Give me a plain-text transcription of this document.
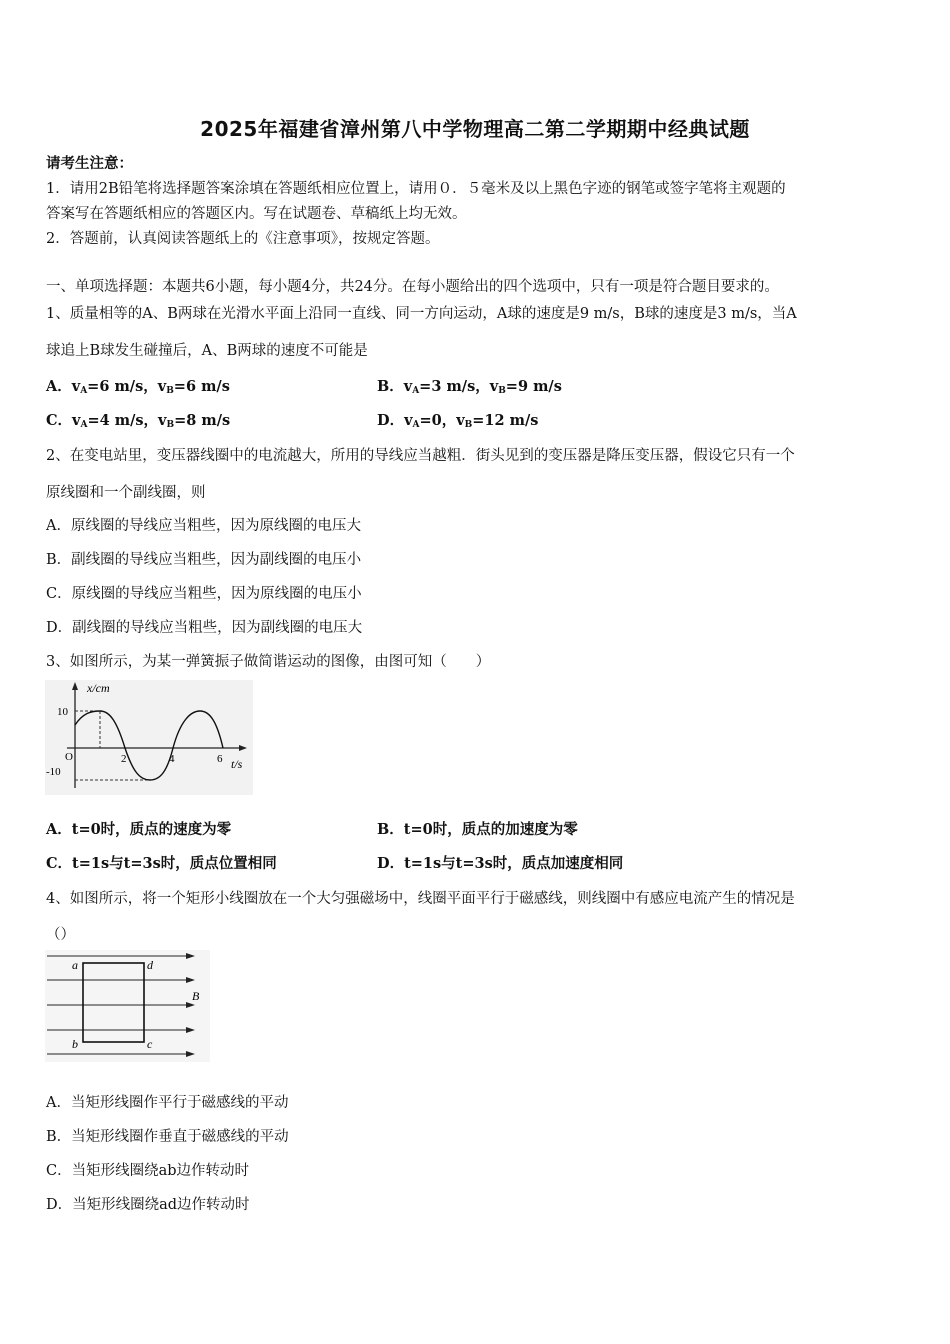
2025年福建省漳州第八中学物理高二第二学期期中经典试题
请考生注意：
1．请用2B铅笔将选择题答案涂填在答题纸相应位置上，请用０．５毫米及以上黑色字迹的钢笔或签字笔将主观题的
答案写在答题纸相应的答题区内。写在试题卷、草稿纸上均无效。
2．答题前，认真阅读答题纸上的《注意事项》，按规定答题。
一、单项选择题：本题共6小题，每小题4分，共24分。在每小题给出的四个选项中，只有一项是符合题目要求的。
1、质量相等的A、B两球在光滑水平面上沿同一直线、同一方向运动，A球的速度是9 m/s，B球的速度是3 m/s，当A
球追上B球发生碰撞后，A、B两球的速度不可能是
A．$v_A=6$ m/s，$v_B=6$ m/s	B．$v_A=3$ m/s，$v_B=9$ m/s
C．$v_A=4$ m/s，$v_B=8$ m/s	D．$v_A=0$，$v_B=12$ m/s
2、在变电站里，变压器线圈中的电流越大，所用的导线应当越粗．街头见到的变压器是降压变压器，假设它只有一个
原线圈和一个副线圈，则
A．原线圈的导线应当粗些，因为原线圈的电压大
B．副线圈的导线应当粗些，因为副线圈的电压小
C．原线圈的导线应当粗些，因为原线圈的电压小
D．副线圈的导线应当粗些，因为副线圈的电压大
3、如图所示，为某一弹簧振子做简谐运动的图像，由图可知（　　）
x/cm
10
-10
O	2	4	6 t/s
A．t=0时，质点的速度为零	B．t=0时，质点的加速度为零
C．t=1s与t=3s时，质点位置相同	D．t=1s与t=3s时，质点加速度相同
4、如图所示，将一个矩形小线圈放在一个大匀强磁场中，线圈平面平行于磁感线，则线圈中有感应电流产生的情况是
（）
a	d
b	c
B
A．当矩形线圈作平行于磁感线的平动
B．当矩形线圈作垂直于磁感线的平动
C．当矩形线圈绕ab边作转动时
D．当矩形线圈绕ad边作转动时
